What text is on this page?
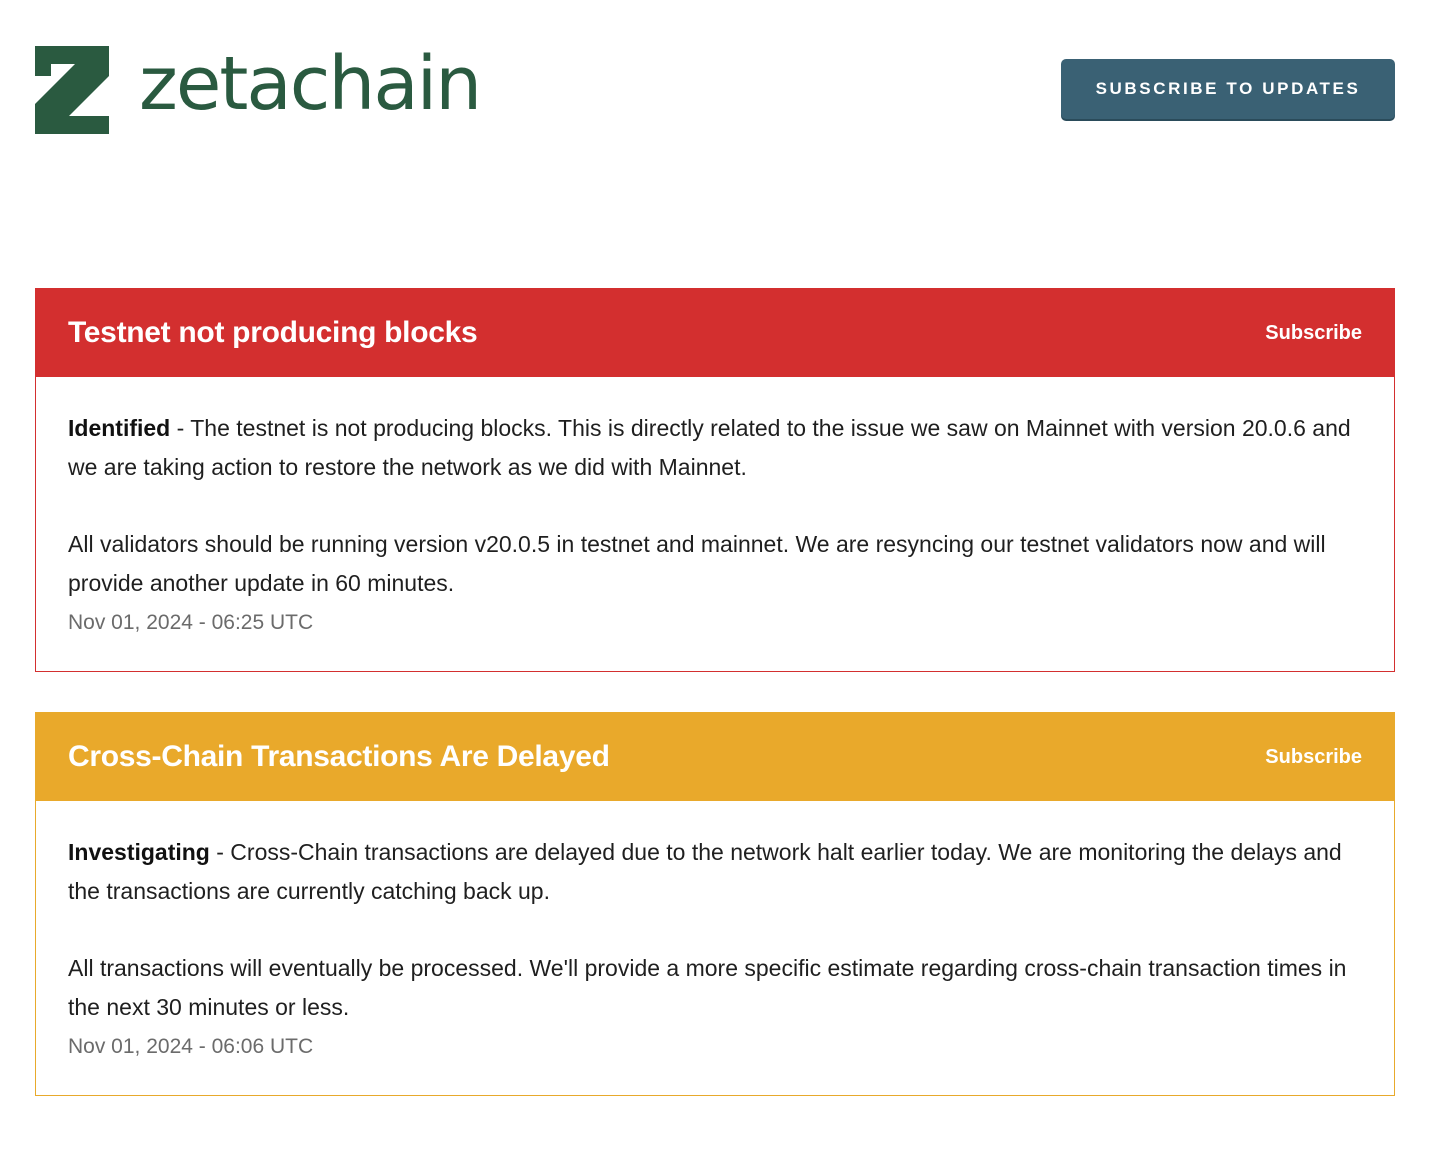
zetachain	SUBSCRIBE TO UPDATES
Testnet not producing blocks	Subscribe

Identified - The testnet is not producing blocks. This is directly related to the issue we saw on Mainnet with version 20.0.6 and we are taking action to restore the network as we did with Mainnet.

All validators should be running version v20.0.5 in testnet and mainnet. We are resyncing our testnet validators now and will provide another update in 60 minutes.

Nov 01, 2024 - 06:25 UTC
Cross-Chain Transactions Are Delayed	Subscribe

Investigating - Cross-Chain transactions are delayed due to the network halt earlier today. We are monitoring the delays and the transactions are currently catching back up.

All transactions will eventually be processed. We'll provide a more specific estimate regarding cross-chain transaction times in the next 30 minutes or less.

Nov 01, 2024 - 06:06 UTC
